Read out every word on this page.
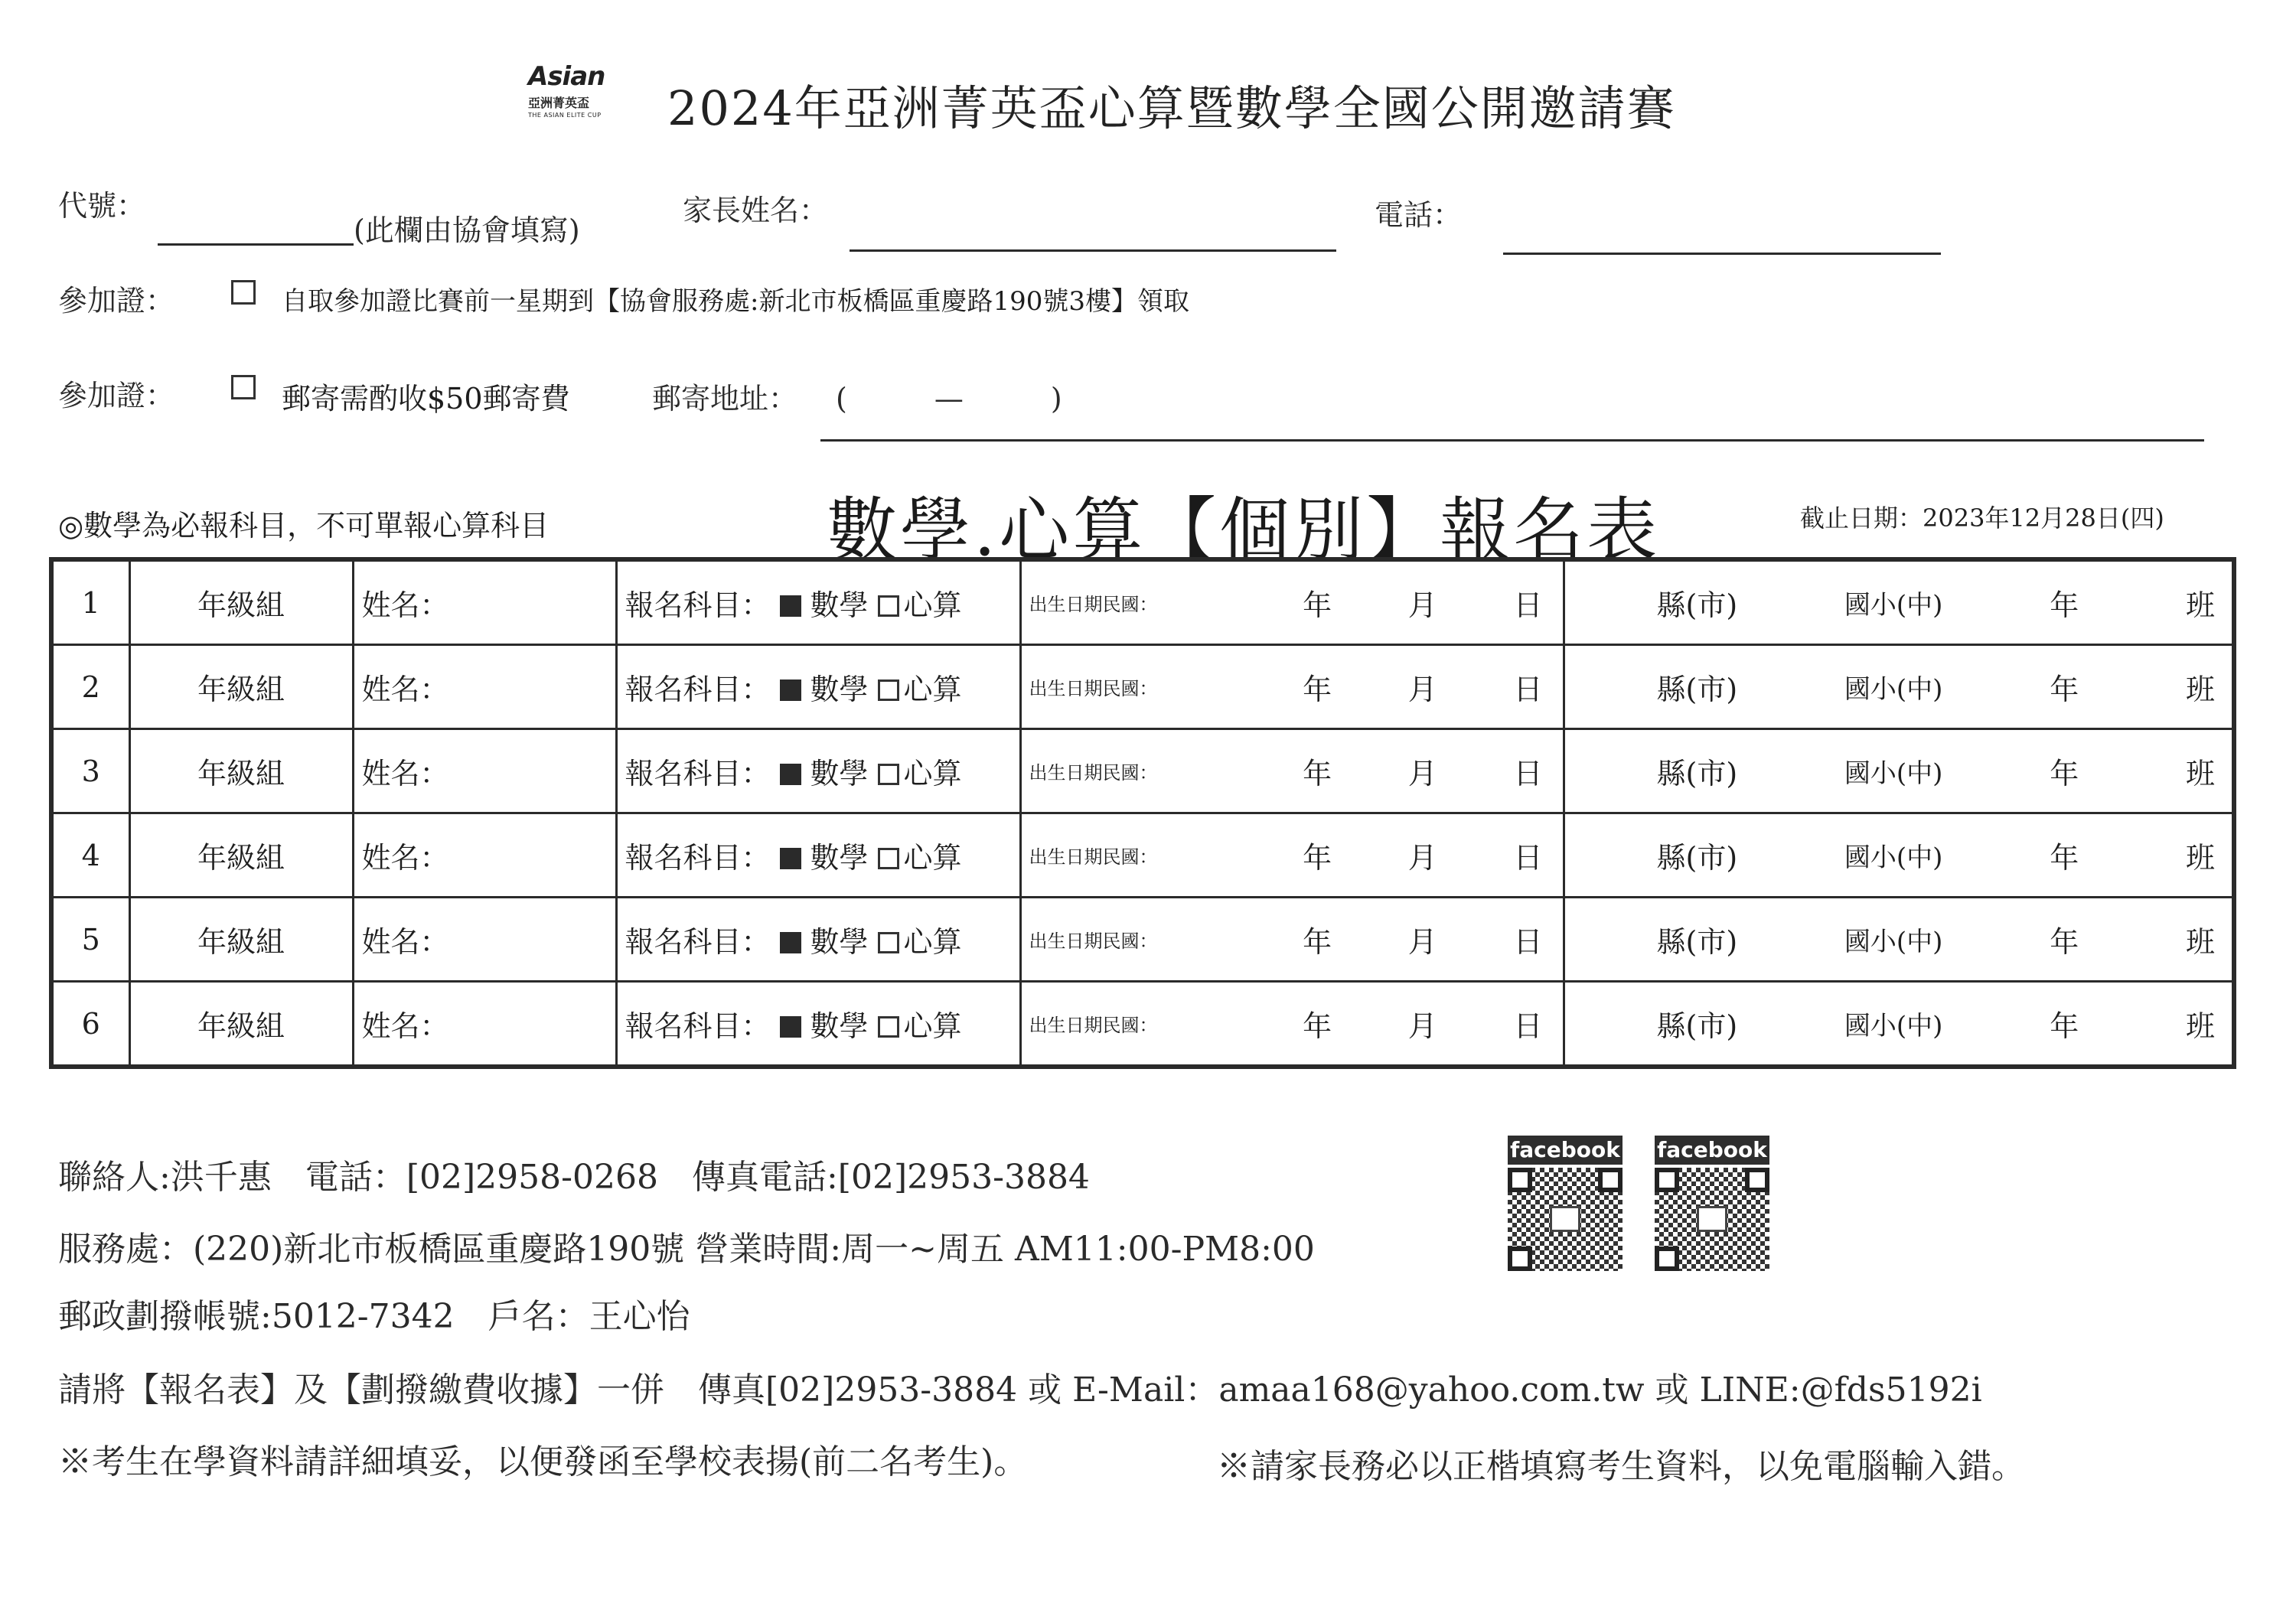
Asian
亞洲菁英盃
THE ASIAN ELITE CUP 2024年亞洲菁英盃心算暨數學全國公開邀請賽
代號：
(此欄由協會填寫)
家長姓名：	電話：
參加證：	自取參加證比賽前一星期到【協會服務處:新北市板橋區重慶路190號3樓】領取
參加證：	郵寄需酌收$50郵寄費	郵寄地址： (　　　—　　　)
◎數學為必報科目，不可單報心算科目	數學.心算【個別】報名表	截止日期：2023年12月28日(四)
1	年級組	姓名：	報名科目： 數學 心算	出生日期民國： 年 月 日	縣(市) 國小(中) 年 班

2	年級組	姓名：	報名科目： 數學 心算	出生日期民國： 年 月 日	縣(市) 國小(中) 年 班

3	年級組	姓名：	報名科目： 數學 心算	出生日期民國： 年 月 日	縣(市) 國小(中) 年 班

4	年級組	姓名：	報名科目： 數學 心算	出生日期民國： 年 月 日	縣(市) 國小(中) 年 班

5	年級組	姓名：	報名科目： 數學 心算	出生日期民國： 年 月 日	縣(市) 國小(中) 年 班

6	年級組	姓名：	報名科目： 數學 心算	出生日期民國： 年 月 日	縣(市) 國小(中) 年 班
聯絡人:洪千惠　電話：[02]2958-0268　傳真電話:[02]2953-3884
服務處：(220)新北市板橋區重慶路190號 營業時間:周一~周五 AM11:00-PM8:00
郵政劃撥帳號:5012-7342　戶名：王心怡
請將【報名表】及【劃撥繳費收據】一併　傳真[02]2953-3884 或 E-Mail：amaa168@yahoo.com.tw 或 LINE:@fds5192i
※考生在學資料請詳細填妥，以便發函至學校表揚(前二名考生)。	※請家長務必以正楷填寫考生資料，以免電腦輸入錯。
facebook facebook
